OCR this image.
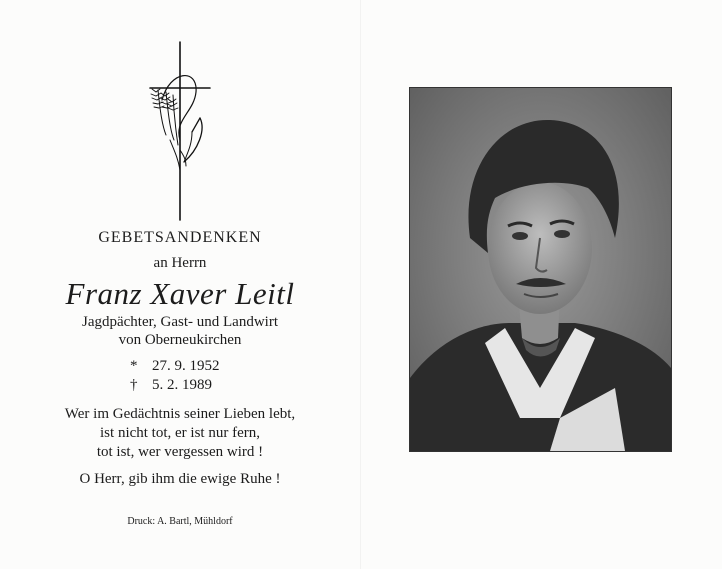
GEBETSANDENKEN
an Herrn
Franz Xaver Leitl
Jagdpächter, Gast- und Landwirt
von Oberneukirchen
* 27. 9. 1952
† 5. 2. 1989
Wer im Gedächtnis seiner Lieben lebt,
ist nicht tot, er ist nur fern,
tot ist, wer vergessen wird !
O Herr, gib ihm die ewige Ruhe !
Druck: A. Bartl, Mühldorf
